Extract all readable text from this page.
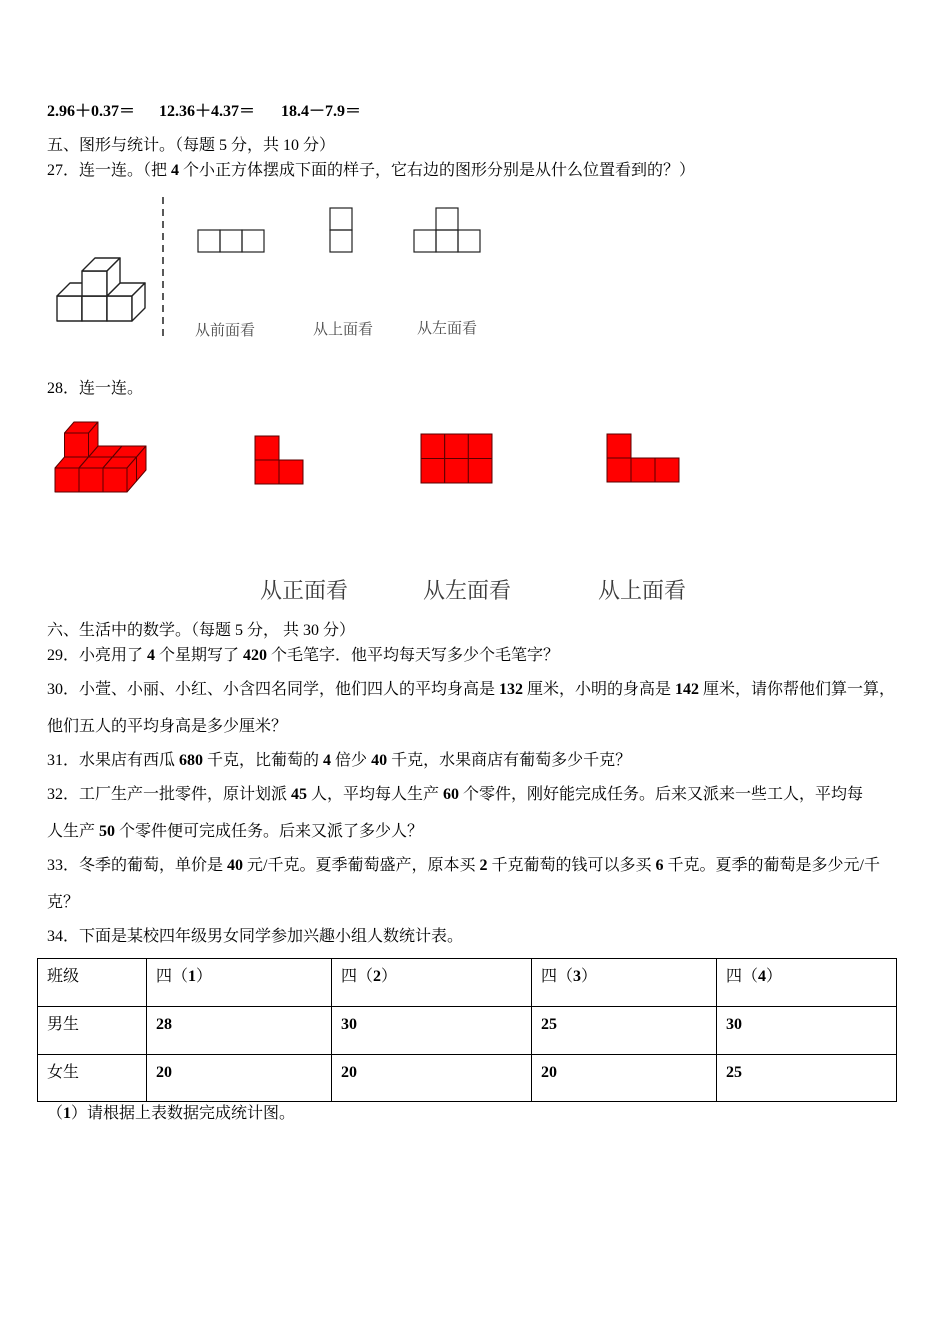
2.96＋0.37＝ 12.36＋4.37＝ 18.4－7.9＝
五、图形与统计。（每题 5 分，共 10 分）
27．连一连。（把 4 个小正方体摆成下面的样子，它右边的图形分别是从什么位置看到的？）
从前面看	从上面看	从左面看
28．连一连。
从正面看	从左面看	从上面看
六、生活中的数学。（每题 5 分， 共 30 分）
29．小亮用了 4 个星期写了 420 个毛笔字．他平均每天写多少个毛笔字？
30．小萱、小丽、小红、小含四名同学，他们四人的平均身高是 132 厘米，小明的身高是 142 厘米，请你帮他们算一算，
他们五人的平均身高是多少厘米？
31．水果店有西瓜 680 千克，比葡萄的 4 倍少 40 千克，水果商店有葡萄多少千克？
32．工厂生产一批零件，原计划派 45 人，平均每人生产 60 个零件，刚好能完成任务。后来又派来一些工人，平均每
人生产 50 个零件便可完成任务。后来又派了多少人？
33．冬季的葡萄，单价是 40 元/千克。夏季葡萄盛产，原本买 2 千克葡萄的钱可以多买 6 千克。夏季的葡萄是多少元/千
克？
34．下面是某校四年级男女同学参加兴趣小组人数统计表。
班级	四（1）	四（2）	四（3）	四（4）
男生	28	30	25	30
女生	20	20	20	25
（1）请根据上表数据完成统计图。
